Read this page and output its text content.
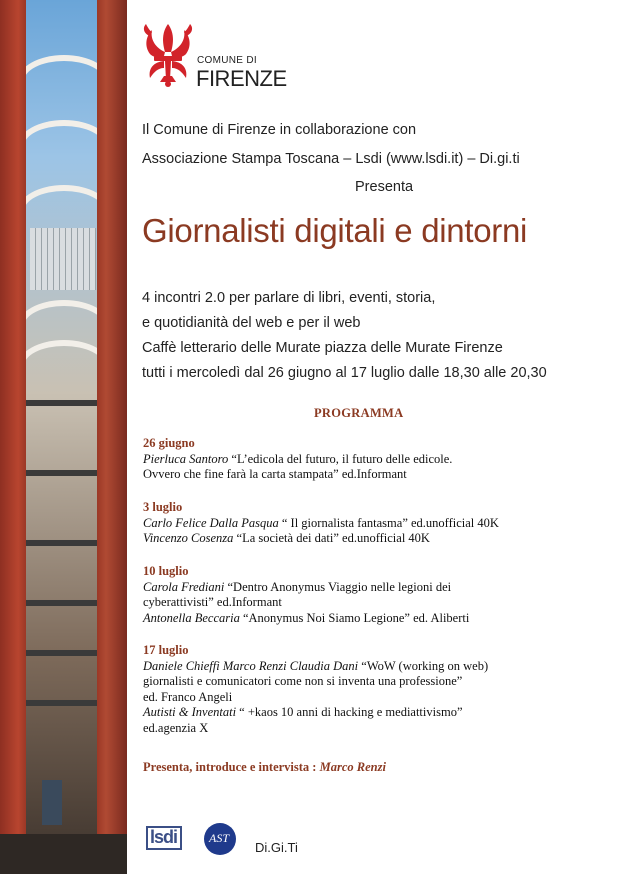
COMUNE DI
FIRENZE
Il Comune di Firenze in collaborazione con
Associazione Stampa Toscana – Lsdi (www.lsdi.it) – Di.gi.ti
Presenta
Giornalisti digitali e dintorni
4 incontri 2.0 per parlare di libri, eventi, storia,
e quotidianità del web e per il web
Caffè letterario delle Murate piazza delle Murate Firenze
tutti i mercoledì dal 26 giugno al 17 luglio dalle 18,30 alle 20,30
PROGRAMMA
26 giugno
Pierluca Santoro “L’edicola del futuro, il futuro delle edicole.
Ovvero che fine farà la carta stampata” ed.Informant
3 luglio
Carlo Felice Dalla Pasqua “ Il giornalista fantasma” ed.unofficial 40K
Vincenzo Cosenza “La società dei dati” ed.unofficial 40K
10 luglio
Carola Frediani “Dentro Anonymus Viaggio nelle legioni dei
cyberattivisti” ed.Informant
Antonella Beccaria “Anonymus Noi Siamo Legione” ed. Aliberti
17 luglio
Daniele Chieffi Marco Renzi Claudia Dani “WoW (working on web)
giornalisti e comunicatori come non si inventa una professione”
ed. Franco Angeli
Autisti & Inventati “ +kaos 10 anni di hacking e mediattivismo”
ed.agenzia X
Presenta, introduce e intervista : Marco Renzi
lsdi	AST
Di.Gi.Ti
